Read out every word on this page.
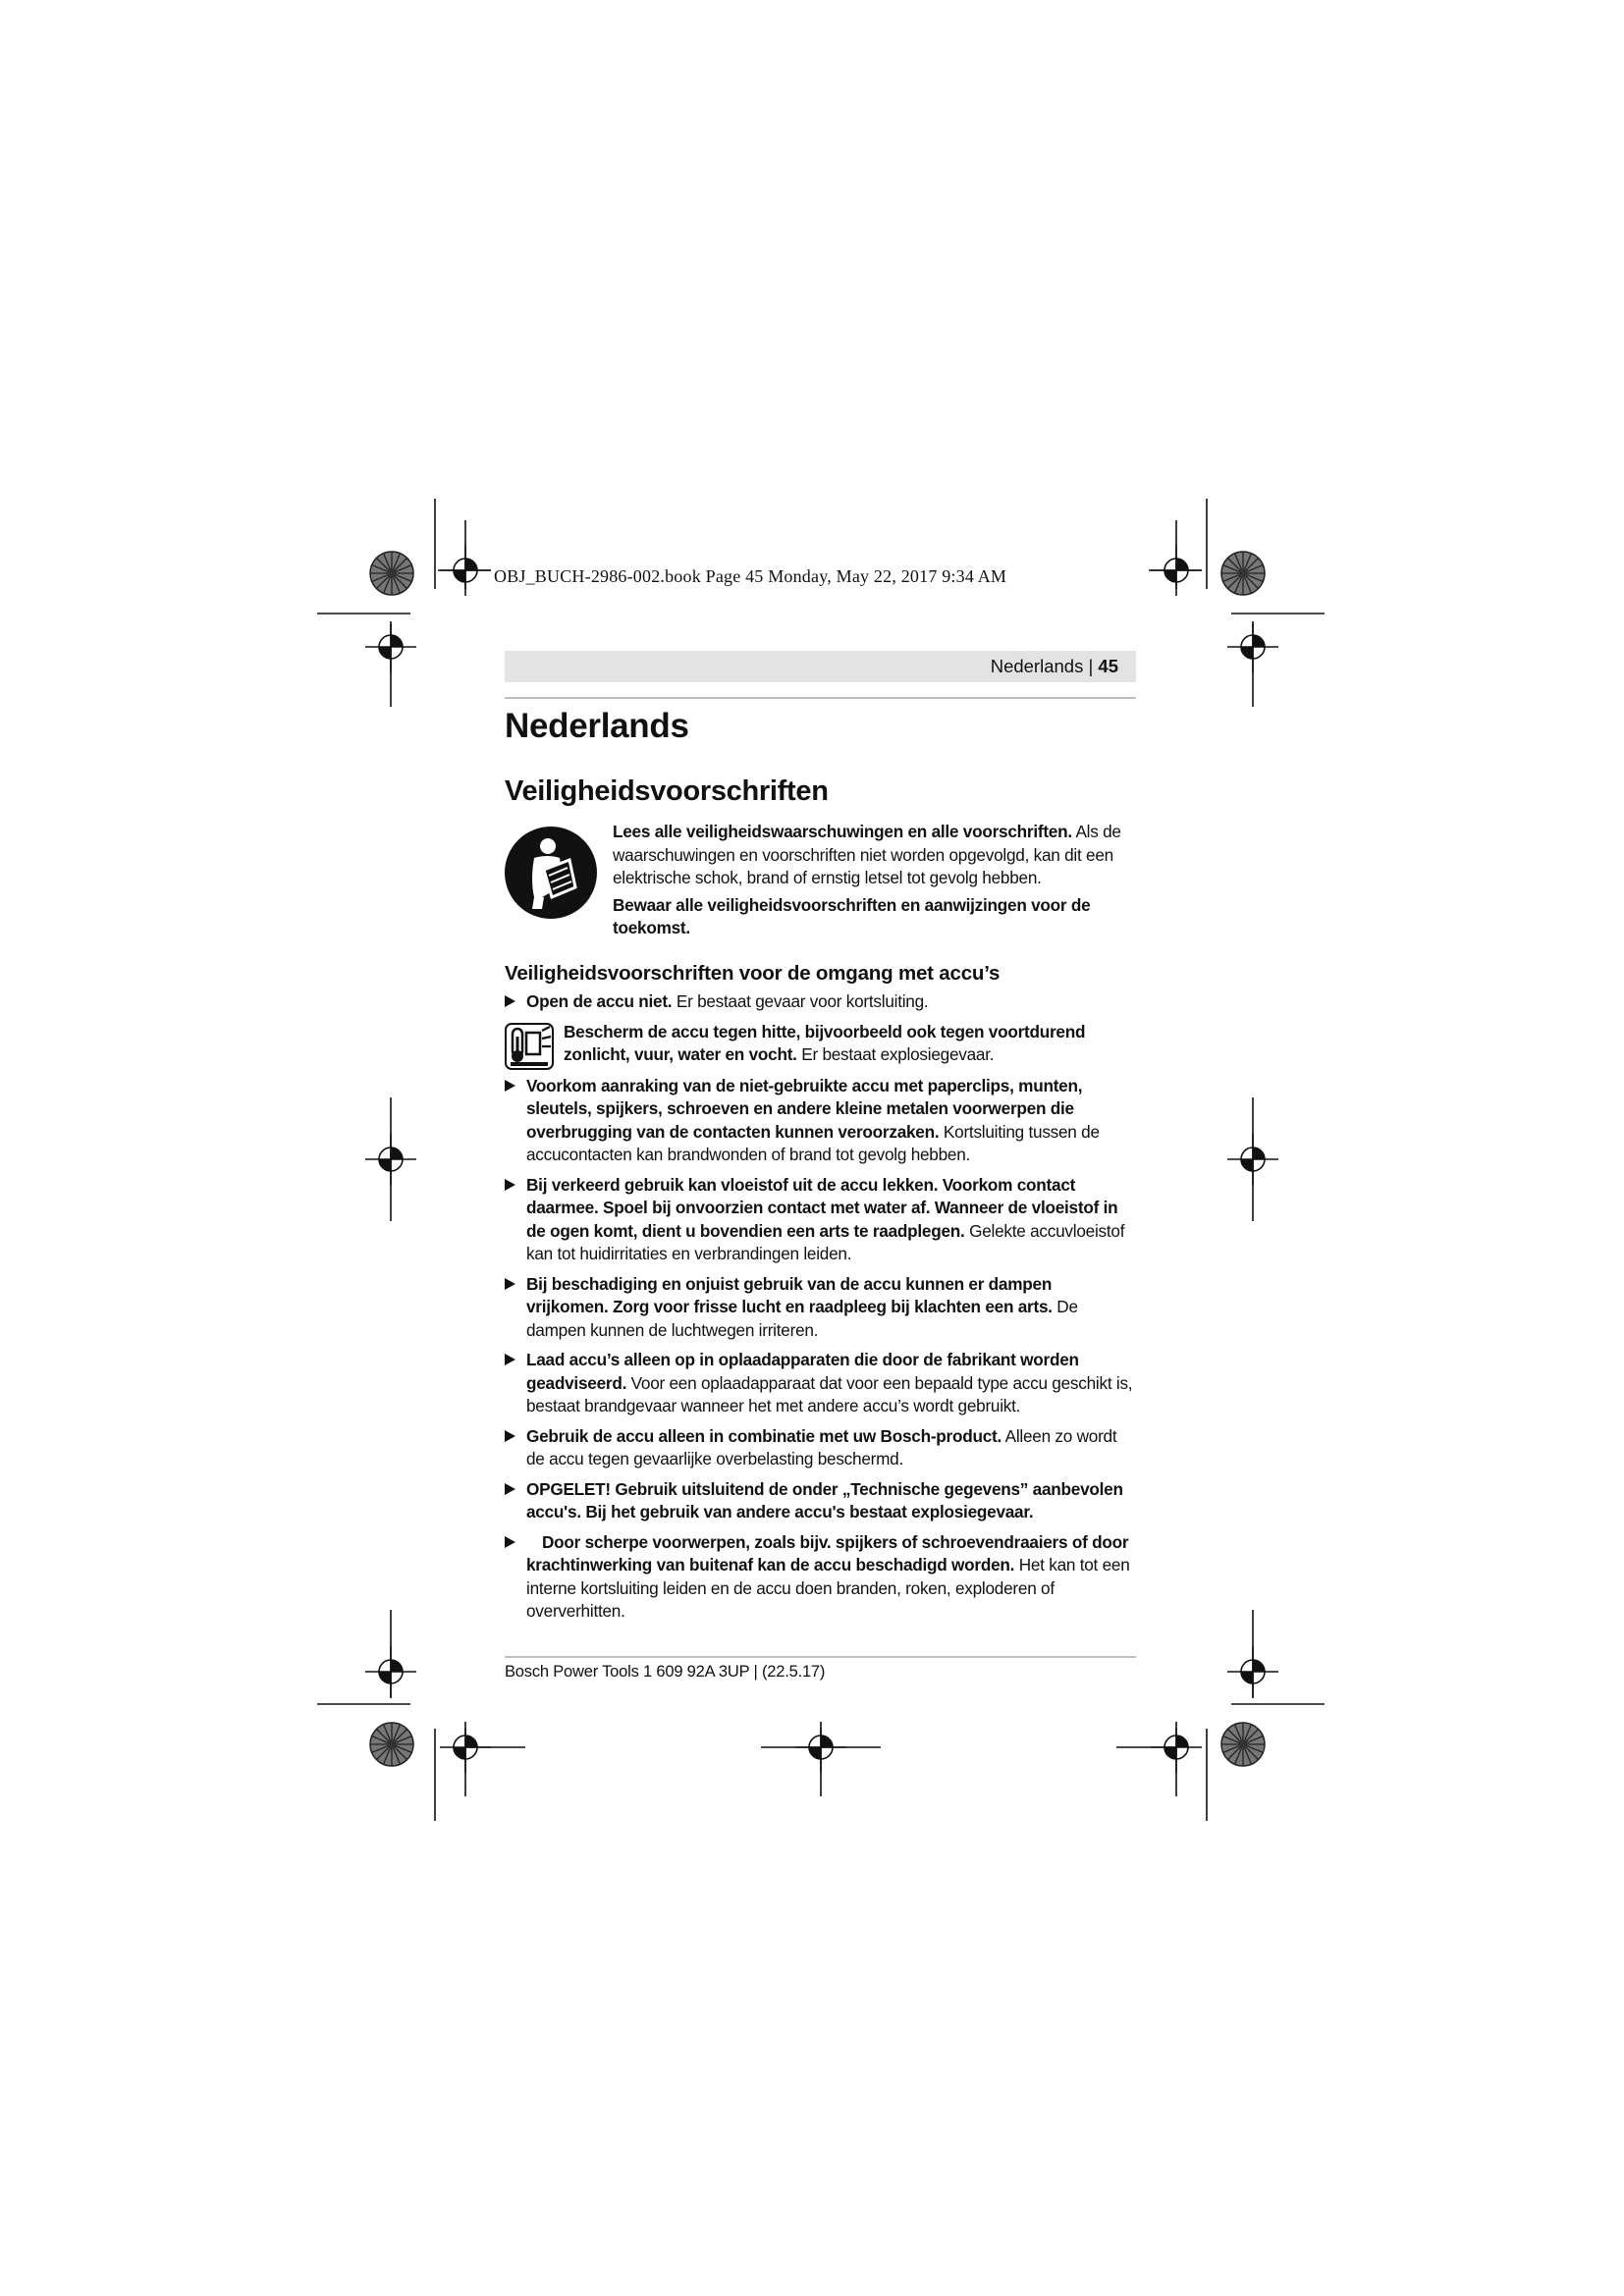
OBJ_BUCH-2986-002.book Page 45 Monday, May 22, 2017 9:34 AM
Nederlands | 45
Nederlands
Veiligheidsvoorschriften

Lees alle veiligheidswaarschuwingen en alle voorschriften. Als de waarschuwingen en voorschriften niet worden opgevolgd, kan dit een elektrische schok, brand of ernstig letsel tot gevolg hebben.

Bewaar alle veiligheidsvoorschriften en aanwijzingen voor de toekomst.

Veiligheidsvoorschriften voor de omgang met accu’s
Open de accu niet. Er bestaat gevaar voor kortsluiting.
Bescherm de accu tegen hitte, bijvoorbeeld ook tegen voortdurend zonlicht, vuur, water en vocht. Er bestaat explosiegevaar.
Voorkom aanraking van de niet-gebruikte accu met paperclips, munten, sleutels, spijkers, schroeven en andere kleine metalen voorwerpen die overbrugging van de contacten kunnen veroorzaken. Kortsluiting tussen de accucontacten kan brandwonden of brand tot gevolg hebben.
Bij verkeerd gebruik kan vloeistof uit de accu lekken. Voorkom contact daarmee. Spoel bij onvoorzien contact met water af. Wanneer de vloeistof in de ogen komt, dient u bovendien een arts te raadplegen. Gelekte accuvloeistof kan tot huidirritaties en verbrandingen leiden.
Bij beschadiging en onjuist gebruik van de accu kunnen er dampen vrijkomen. Zorg voor frisse lucht en raadpleeg bij klachten een arts. De dampen kunnen de luchtwegen irriteren.
Laad accu’s alleen op in oplaadapparaten die door de fabrikant worden geadviseerd. Voor een oplaadapparaat dat voor een bepaald type accu geschikt is, bestaat brandgevaar wanneer het met andere accu’s wordt gebruikt.
Gebruik de accu alleen in combinatie met uw Bosch-product. Alleen zo wordt de accu tegen gevaarlijke overbelasting beschermd.
OPGELET! Gebruik uitsluitend de onder „Technische gegevens” aanbevolen accu's. Bij het gebruik van andere accu's bestaat explosiegevaar.
Door scherpe voorwerpen, zoals bijv. spijkers of schroevendraaiers of door krachtinwerking van buitenaf kan de accu beschadigd worden. Het kan tot een interne kortsluiting leiden en de accu doen branden, roken, exploderen of oververhitten.
Bosch Power Tools 1 609 92A 3UP | (22.5.17)
